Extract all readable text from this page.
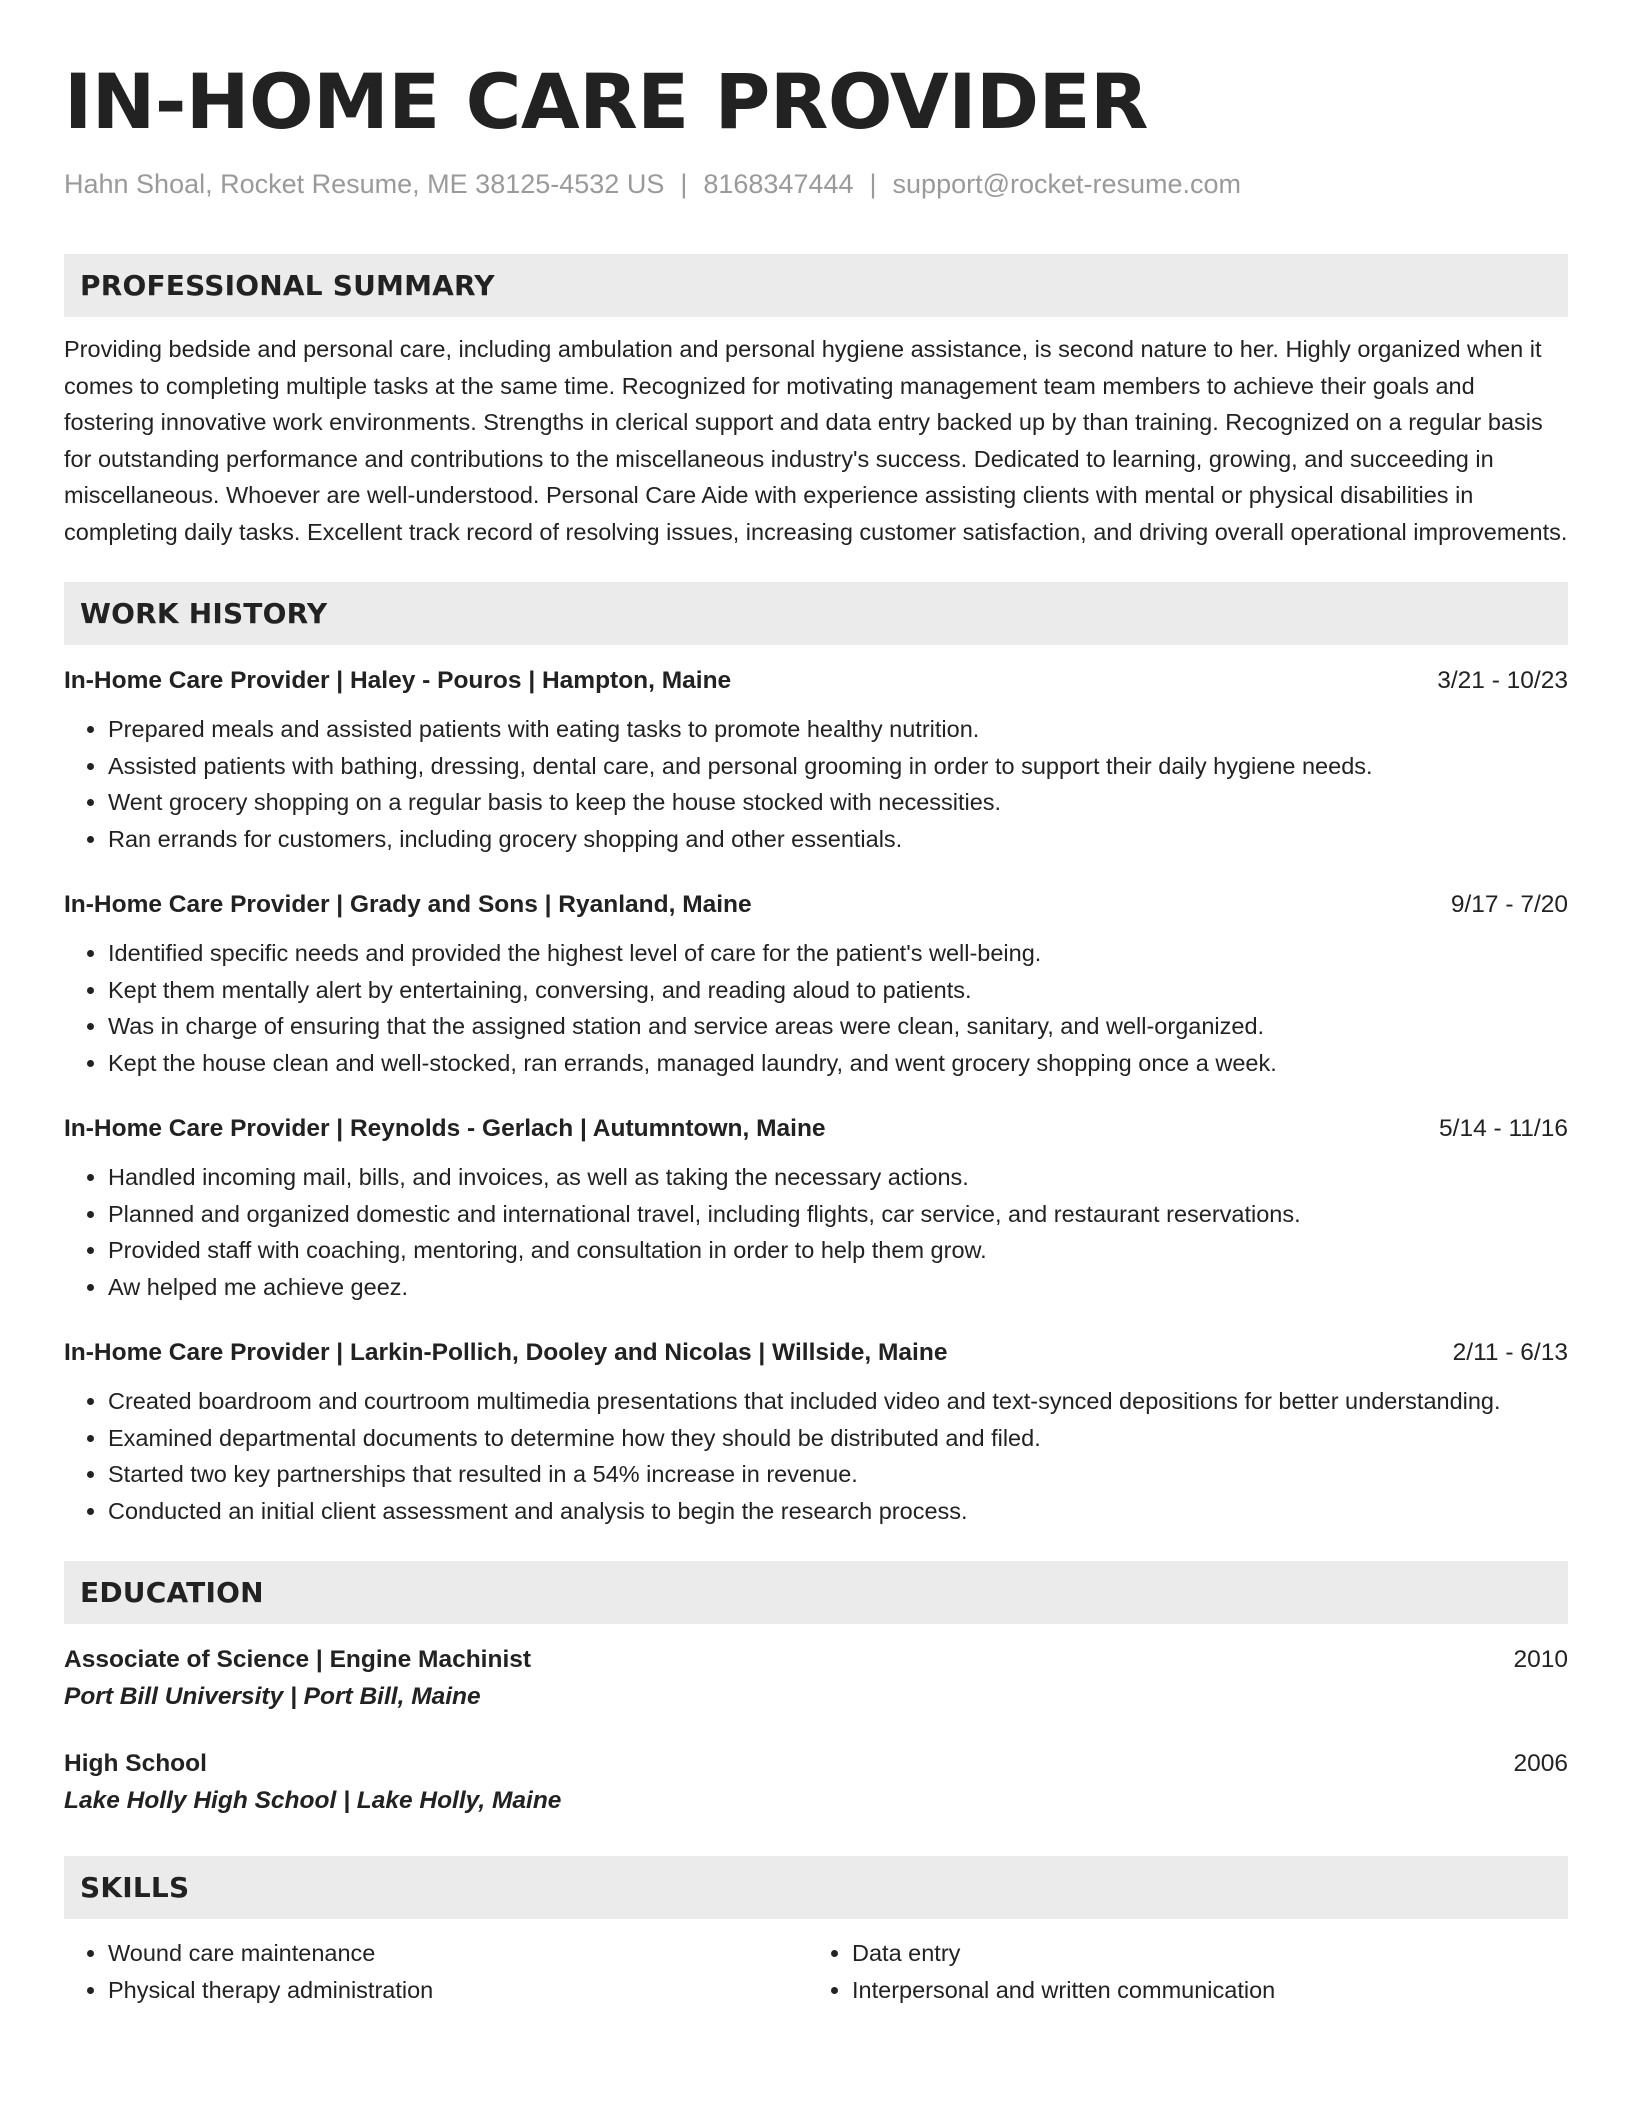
IN-HOME CARE PROVIDER
Hahn Shoal, Rocket Resume, ME 38125-4532 US | 8168347444 | support@rocket-resume.com
PROFESSIONAL SUMMARY
Providing bedside and personal care, including ambulation and personal hygiene assistance, is second nature to her. Highly organized when it comes to completing multiple tasks at the same time. Recognized for motivating management team members to achieve their goals and fostering innovative work environments. Strengths in clerical support and data entry backed up by than training. Recognized on a regular basis for outstanding performance and contributions to the miscellaneous industry's success. Dedicated to learning, growing, and succeeding in miscellaneous. Whoever are well-understood. Personal Care Aide with experience assisting clients with mental or physical disabilities in completing daily tasks. Excellent track record of resolving issues, increasing customer satisfaction, and driving overall operational improvements.
WORK HISTORY
In-Home Care Provider | Haley - Pouros | Hampton, Maine	3/21 - 10/23
• Prepared meals and assisted patients with eating tasks to promote healthy nutrition.
• Assisted patients with bathing, dressing, dental care, and personal grooming in order to support their daily hygiene needs.
• Went grocery shopping on a regular basis to keep the house stocked with necessities.
• Ran errands for customers, including grocery shopping and other essentials.
In-Home Care Provider | Grady and Sons | Ryanland, Maine	9/17 - 7/20
• Identified specific needs and provided the highest level of care for the patient's well-being.
• Kept them mentally alert by entertaining, conversing, and reading aloud to patients.
• Was in charge of ensuring that the assigned station and service areas were clean, sanitary, and well-organized.
• Kept the house clean and well-stocked, ran errands, managed laundry, and went grocery shopping once a week.
In-Home Care Provider | Reynolds - Gerlach | Autumntown, Maine	5/14 - 11/16
• Handled incoming mail, bills, and invoices, as well as taking the necessary actions.
• Planned and organized domestic and international travel, including flights, car service, and restaurant reservations.
• Provided staff with coaching, mentoring, and consultation in order to help them grow.
• Aw helped me achieve geez.
In-Home Care Provider | Larkin-Pollich, Dooley and Nicolas | Willside, Maine	2/11 - 6/13
• Created boardroom and courtroom multimedia presentations that included video and text-synced depositions for better understanding.
• Examined departmental documents to determine how they should be distributed and filed.
• Started two key partnerships that resulted in a 54% increase in revenue.
• Conducted an initial client assessment and analysis to begin the research process.
EDUCATION
Associate of Science | Engine Machinist	2010
Port Bill University | Port Bill, Maine
High School	2006
Lake Holly High School | Lake Holly, Maine
SKILLS
• Wound care maintenance
• Physical therapy administration
• Data entry
• Interpersonal and written communication
